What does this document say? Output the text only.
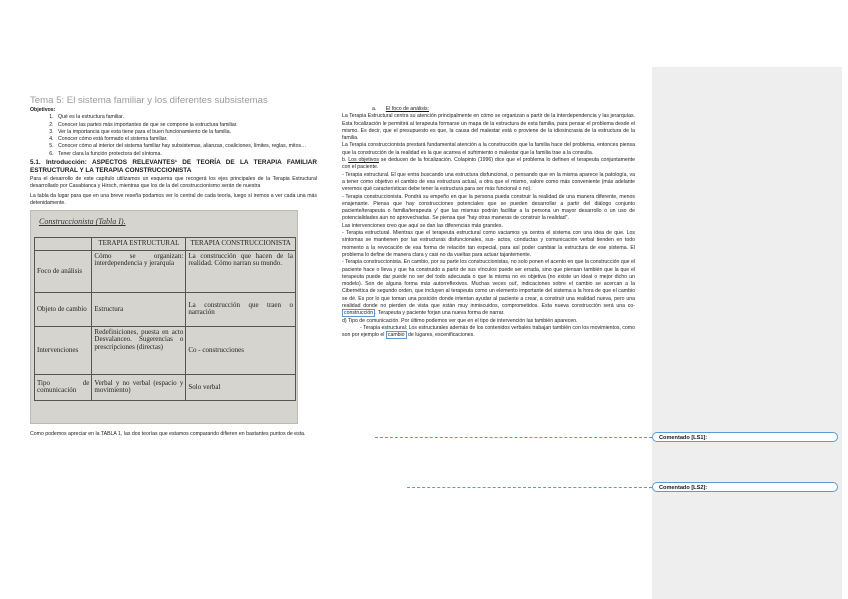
Tema 5: El sistema familiar y los diferentes subsistemas
Objetivos:
1. Qué es la estructura familiar.
2. Conocer las partes más importantes de que se compone la estructura familiar.
3. Ver la importancia que esta tiene para el buen funcionamiento de la familia.
4. Conocer cómo está formado el sistema familiar.
5. Conocer cómo al interior del sistema familiar hay subsistemas, alianzas, coaliciones, límites, reglas, mitos…
6. Tener clara la función protectora del síntoma.
5.1. Introducción: ASPECTOS RELEVANTES¹ DE TEORÍA DE LA TERAPIA FAMILIAR ESTRUCTURAL Y LA TERAPIA CONSTRUCCIONISTA

Para el desarrollo de este capítulo utilizamos un esquema que recogerá los ejes principales de la Terapia Estructural desarrollado por Casabianca y Hirsch, mientras que los de la del construccionismo serán de nuestra

La tabla da lugar para que en una breve reseña podamos ver lo central de cada teoría, luego sí iremos a ver cada una más detenidamente.

Construccionista (Tabla I).
	TERAPIA ESTRUCTURAL	TERAPIA CONSTRUCCIONISTA
Foco de análisis	Cómo se organizan: interdependencia y jerarquía	La construcción que hacen de la realidad. Cómo narran su mundo.
Objeto de cambio	Estructura	La construcción que traen o narración
Intervenciones	Redefiniciones, puesta en acto Desvalanceo. Sugerencias o prescripciones (directas)	Co - construcciones
Tipo de comunicación	Verbal y no verbal (espacio y movimiento)	Solo verbal

Como podemos apreciar en la TABLA 1, las dos teorías que estamos comparando difieren en bastantes puntos de esta.

a. El foco de análisis:

La Terapia Estructural centra su atención principalmente en cómo se organizan a partir de la interdependencia y las jerarquías. Esta focalización le permitirá al terapeuta formarse un mapa de la estructura de esta familia, para pensar el problema desde el mismo. Es decir, que el presupuesto es que, la causa del malestar está o proviene de la idiosincrasia de la estructura de la familia.

La Terapia construccionista prestará fundamental atención a la construcción que la familia hace del problema, entonces piensa que la construcción de la realidad es la que acarrea el sufrimiento o malestar que la familia trae a la consulta.

b. Los objetivos se deducen de la focalización. Colapinto (1996) dice que el problema lo definen el terapeuta conjuntamente con el paciente.

- Terapia estructural. El que entra buscando una estructura disfuncional, o pensando que en la misma aparece la patología, va a tener como objetivo el cambio de esa estructura actual, a otra que el mismo, valore como más conveniente (más adelante veremos qué características debe tener la estructura para ser más funcional o no).

- Terapia construccionista. Pondrá su empeño en que la persona pueda construir la realidad de una manera diferente, menos enajenante. Piensa que hay construcciones potenciales que se pueden desarrollar a partir del diálogo conjunto paciente/terapeuta o familia/terapeuta y' que las mismas podrán facilitar a la persona un mayor desarrollo o un uso de potencialidades aun no aprovechadas. Se piensa que "hay otras maneras de construir la realidad".

Las intervenciones creo que aquí se dan las diferencias más grandes.

- Terapia estructural. Mientras que el terapeuta estructural como vaciamos ya centra el sistema con una idea de que. Los síntomas se mantienen por las estructuras disfuncionales, sus- actos, conductas y comunicación verbal tienden en todo momento a la revocación de esa forma de relación tan especial, para así poder cambiar la estructura de ese sistema. El problema lo define de manera clara y casi no da vueltas para actuar tajantemente.

- Terapia construccionista. En cambio, por su parte los construccionistas, no solo ponen el acento en que la construcción que el paciente hace o lleva y que ha construido a partir de sus vínculos puede ser errada, sino que piensan también que la que el terapeuta puede dar puede no ser del todo adecuada o que la misma no es objetiva (no existe un ideal o mejor dicho un modelo). Son de alguna forma más autorreflexivos. Muchas veces out', indicaciones sobre el cambio se acercan a la Cibernética de segundo orden, que incluyen al terapeuta como un elemento importante del sistema a la hora de que el cambio se dé. Es por lo que toman una posición donde intentan ayudar al paciente a crear, a construir una realidad nueva, pero una realidad donde no pierden de vista que están muy inmiscuidos, comprometidos. Esta nueva construcción será una co-construcción . Terapeuta y paciente forjan una nueva forma de narrar.

d) Tipo de comunicación. Por último podemos ver que en el tipo de intervención las también aparecen.

- Terapia estructural: Los estructurales además de los contenidos verbales trabajan también con los movimientos, como son por ejemplo el cambio de lugares, escenificaciones.

Comentado [LS1]:
Comentado [LS2]:
